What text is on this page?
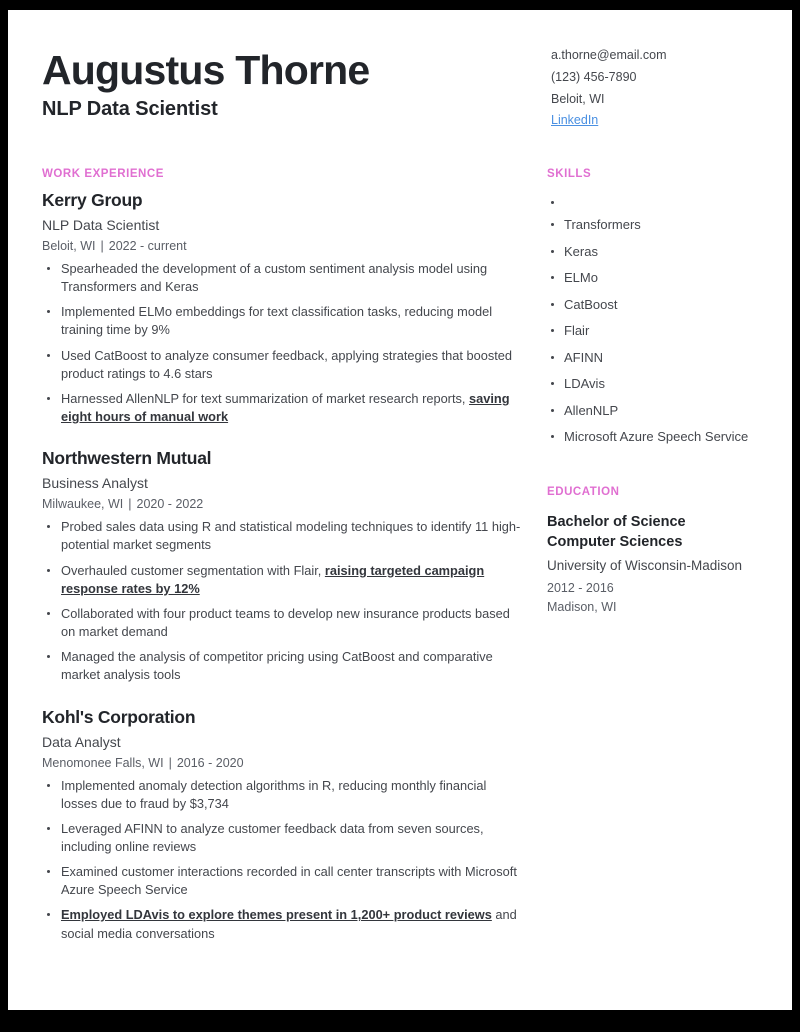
Augustus Thorne
NLP Data Scientist
a.thorne@email.com
(123) 456-7890
Beloit, WI
LinkedIn
WORK EXPERIENCE
Kerry Group
NLP Data Scientist
Beloit, WI | 2022 - current
Spearheaded the development of a custom sentiment analysis model using Transformers and Keras
Implemented ELMo embeddings for text classification tasks, reducing model training time by 9%
Used CatBoost to analyze consumer feedback, applying strategies that boosted product ratings to 4.6 stars
Harnessed AllenNLP for text summarization of market research reports, saving eight hours of manual work
Northwestern Mutual
Business Analyst
Milwaukee, WI | 2020 - 2022
Probed sales data using R and statistical modeling techniques to identify 11 high-potential market segments
Overhauled customer segmentation with Flair, raising targeted campaign response rates by 12%
Collaborated with four product teams to develop new insurance products based on market demand
Managed the analysis of competitor pricing using CatBoost and comparative market analysis tools
Kohl's Corporation
Data Analyst
Menomonee Falls, WI | 2016 - 2020
Implemented anomaly detection algorithms in R, reducing monthly financial losses due to fraud by $3,734
Leveraged AFINN to analyze customer feedback data from seven sources, including online reviews
Examined customer interactions recorded in call center transcripts with Microsoft Azure Speech Service
Employed LDAvis to explore themes present in 1,200+ product reviews and social media conversations
SKILLS
Transformers
Keras
ELMo
CatBoost
Flair
AFINN
LDAvis
AllenNLP
Microsoft Azure Speech Service
EDUCATION
Bachelor of Science
Computer Sciences
University of Wisconsin-Madison
2012 - 2016
Madison, WI
